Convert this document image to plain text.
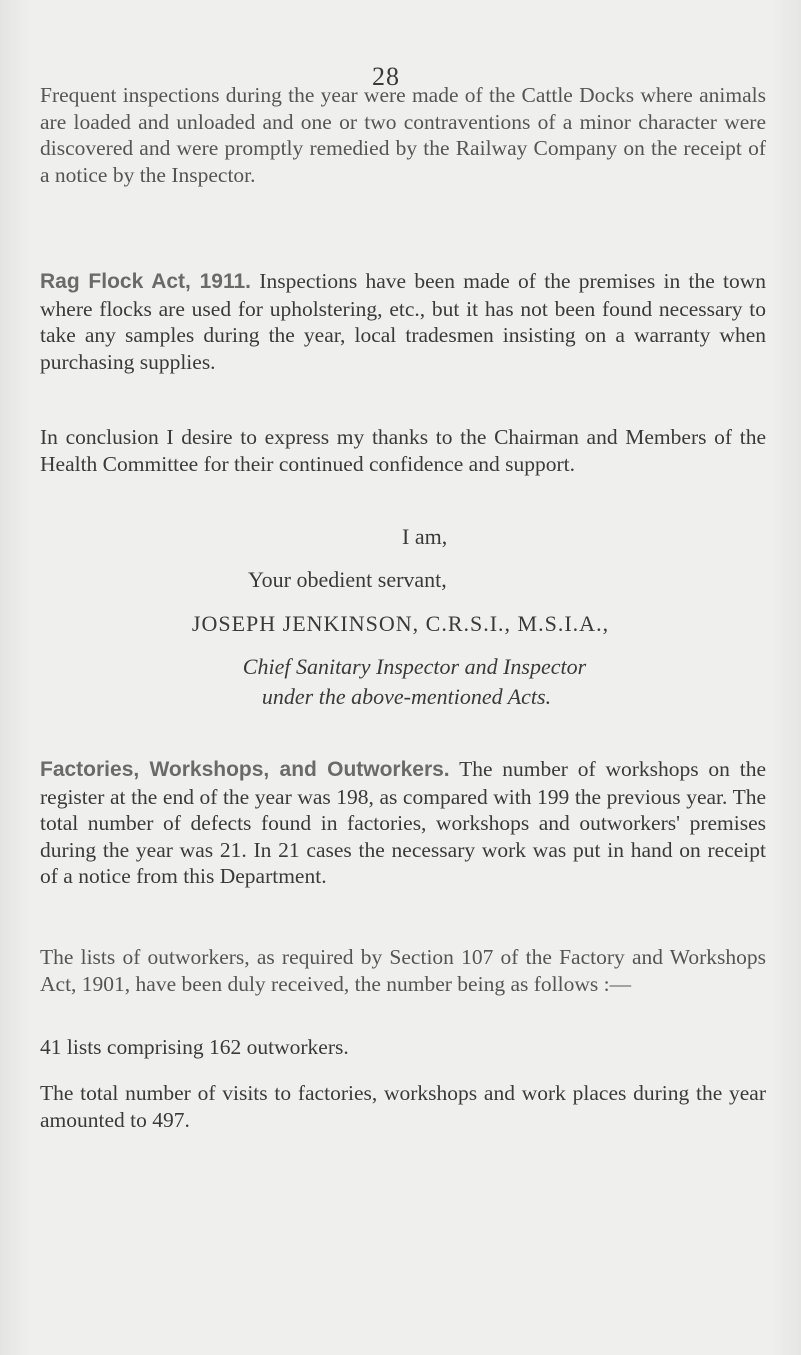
28

Frequent inspections during the year were made of the Cattle Docks where animals are loaded and unloaded and one or two contraventions of a minor character were discovered and were promptly remedied by the Railway Company on the receipt of a notice by the Inspector.

Rag Flock Act, 1911. Inspections have been made of the premises in the town where flocks are used for upholstering, etc., but it has not been found necessary to take any samples during the year, local tradesmen insisting on a warranty when purchasing supplies.

In conclusion I desire to express my thanks to the Chairman and Members of the Health Committee for their continued confidence and support.

I am,
Your obedient servant,
JOSEPH JENKINSON, C.R.S.I., M.S.I.A.,
Chief Sanitary Inspector and Inspector
under the above-mentioned Acts.

Factories, Workshops, and Outworkers. The number of workshops on the register at the end of the year was 198, as compared with 199 the previous year. The total number of defects found in factories, workshops and outworkers' premises during the year was 21. In 21 cases the necessary work was put in hand on receipt of a notice from this Department.

The lists of outworkers, as required by Section 107 of the Factory and Workshops Act, 1901, have been duly received, the number being as follows :—

41 lists comprising 162 outworkers.

The total number of visits to factories, workshops and work places during the year amounted to 497.
